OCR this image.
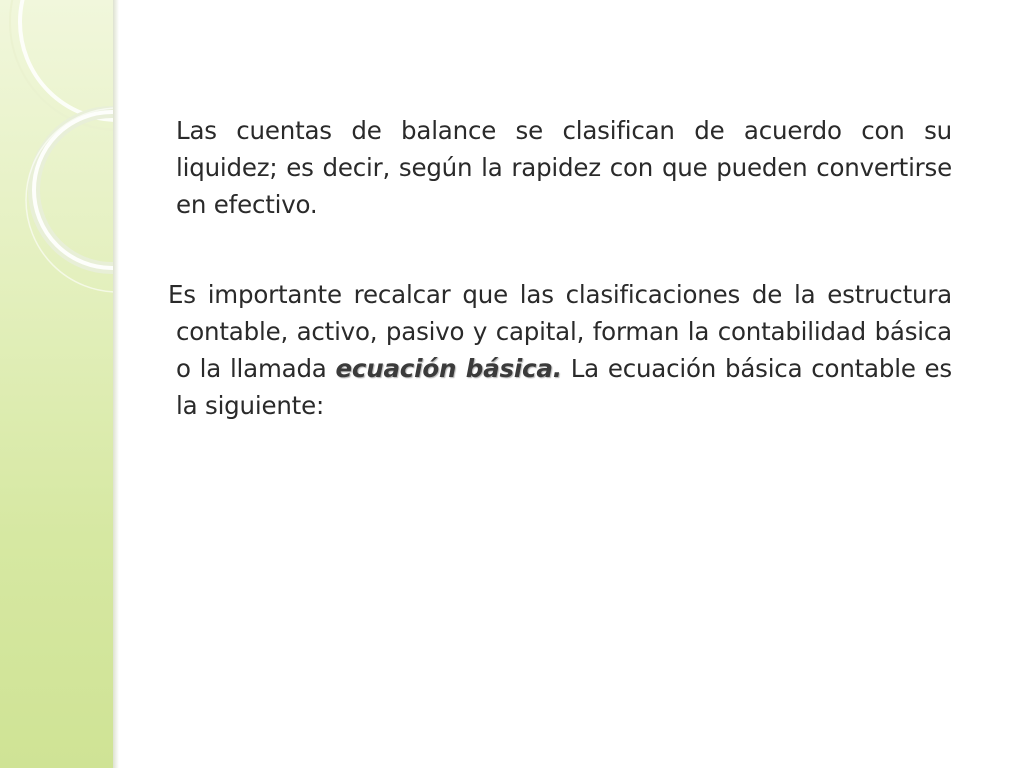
Las cuentas de balance se clasifican de acuerdo con su liquidez; es decir, según la rapidez con que pueden convertirse en efectivo.

Es importante recalcar que las clasificaciones de la estructura contable, activo, pasivo y capital, forman la contabilidad básica o la llamada ecuación básica. La ecuación básica contable es la siguiente:
